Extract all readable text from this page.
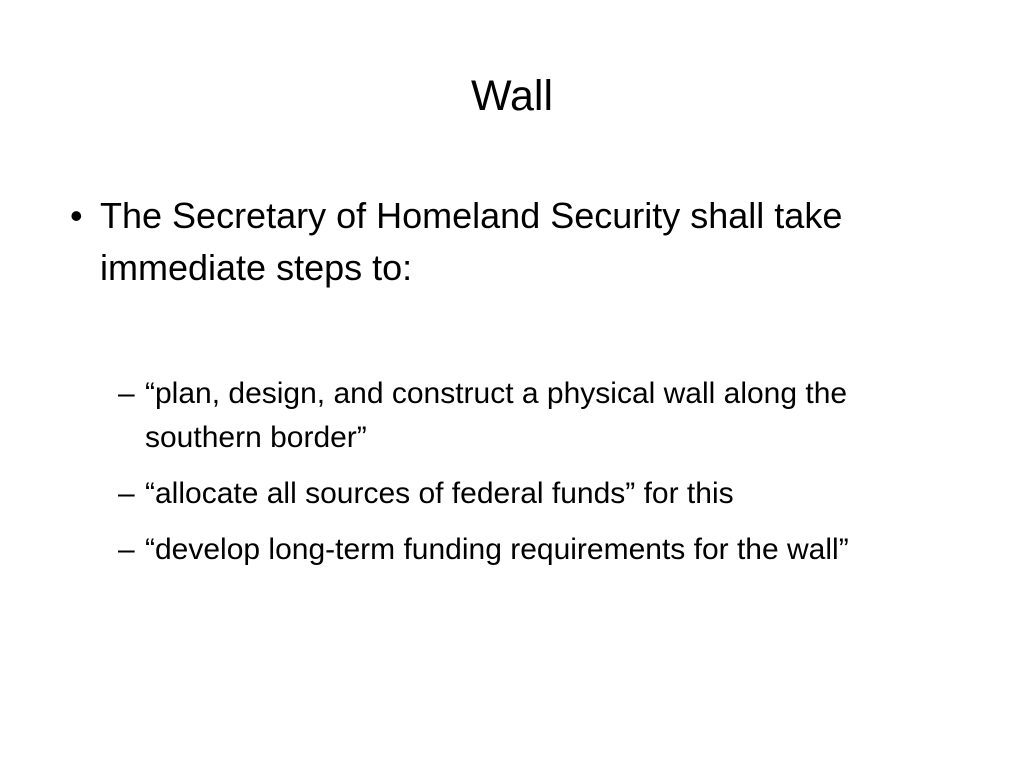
Wall
• The Secretary of Homeland Security shall take immediate steps to:
– “plan, design, and construct a physical wall along the southern border”
– “allocate all sources of federal funds” for this
– “develop long-term funding requirements for the wall”
